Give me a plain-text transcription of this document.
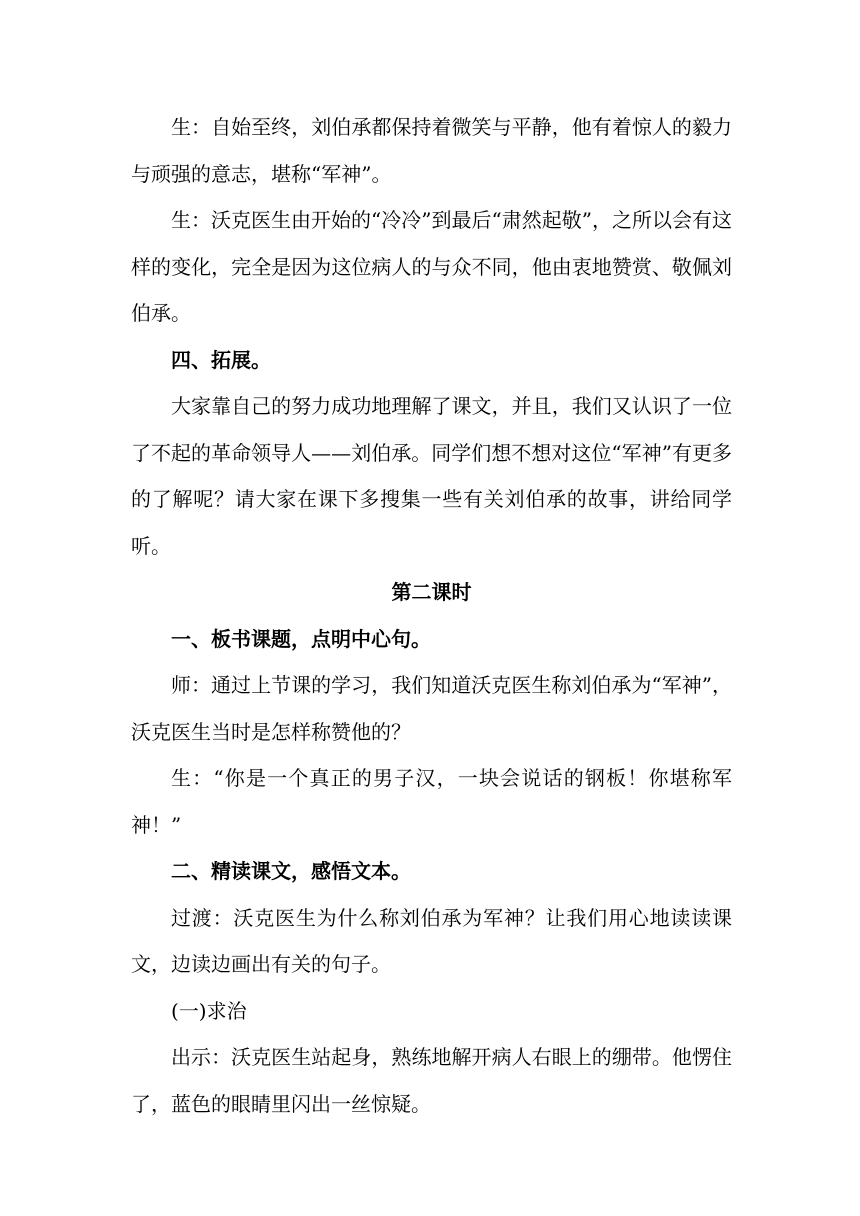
生：自始至终，刘伯承都保持着微笑与平静，他有着惊人的毅力与顽强的意志，堪称“军神”。

生：沃克医生由开始的“冷冷”到最后“肃然起敬”，之所以会有这样的变化，完全是因为这位病人的与众不同，他由衷地赞赏、敬佩刘伯承。

四、拓展。

大家靠自己的努力成功地理解了课文，并且，我们又认识了一位了不起的革命领导人——刘伯承。同学们想不想对这位“军神”有更多的了解呢？请大家在课下多搜集一些有关刘伯承的故事，讲给同学听。

第二课时

一、板书课题，点明中心句。

师：通过上节课的学习，我们知道沃克医生称刘伯承为“军神”，沃克医生当时是怎样称赞他的？

生：“你是一个真正的男子汉，一块会说话的钢板！你堪称军神！”

二、精读课文，感悟文本。

过渡：沃克医生为什么称刘伯承为军神？让我们用心地读读课文，边读边画出有关的句子。

(一)求治

出示：沃克医生站起身，熟练地解开病人右眼上的绷带。他愣住了，蓝色的眼睛里闪出一丝惊疑。
